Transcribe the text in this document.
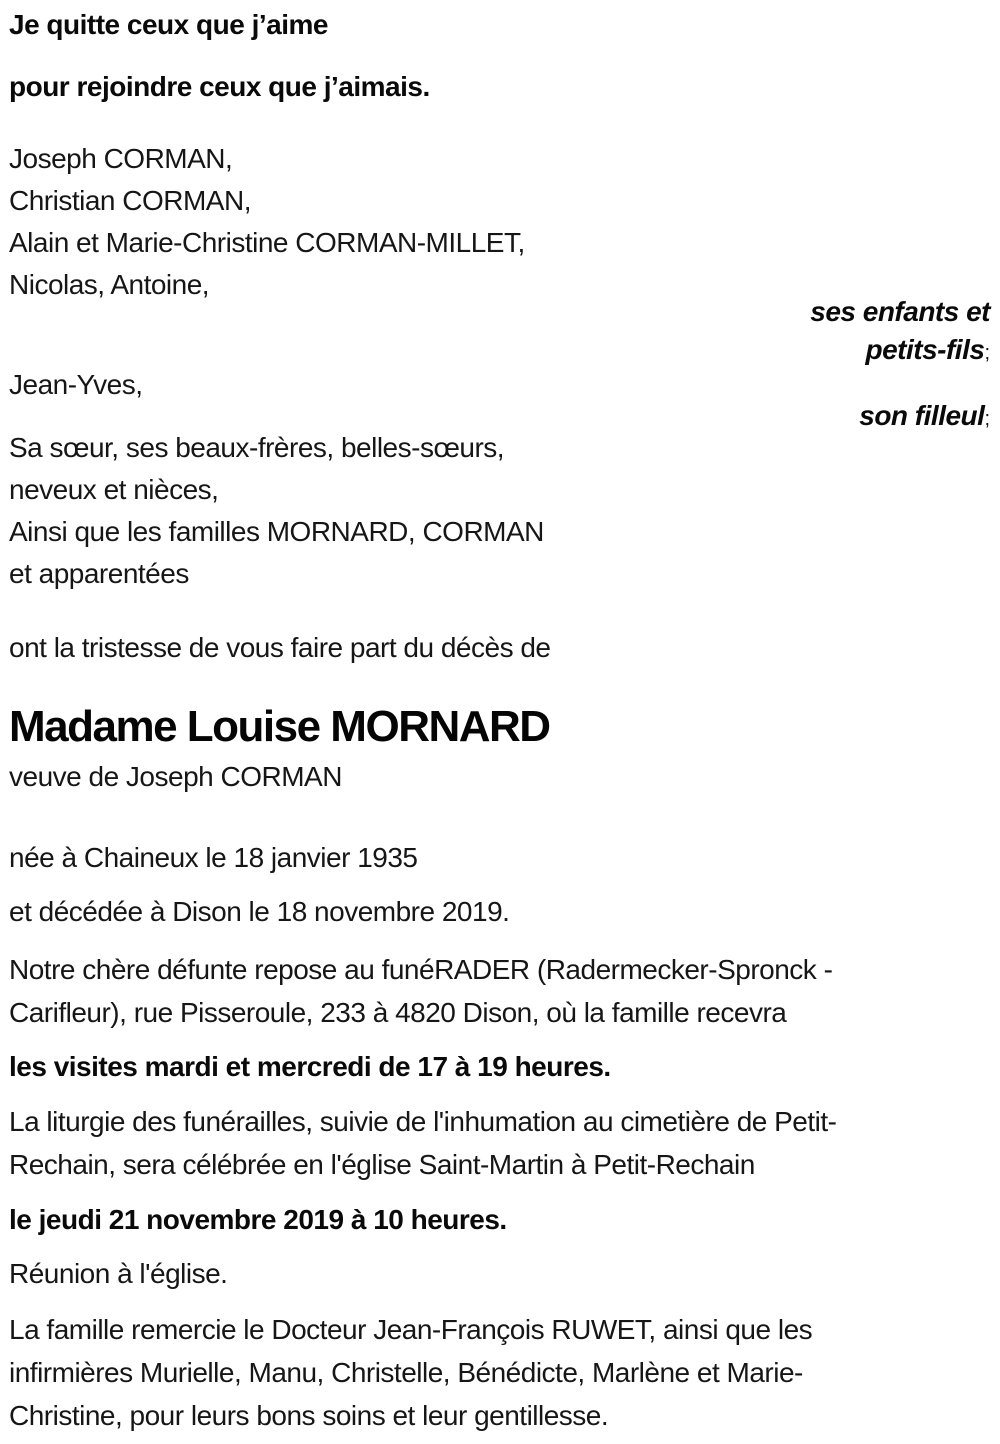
Je quitte ceux que j’aime
pour rejoindre ceux que j’aimais.
Joseph CORMAN,
Christian CORMAN,
Alain et Marie-Christine CORMAN-MILLET,
Nicolas, Antoine,
ses enfants et
petits-fils;
Jean-Yves,
son filleul;
Sa sœur, ses beaux-frères, belles-sœurs,
neveux et nièces,
Ainsi que les familles MORNARD, CORMAN
et apparentées
ont la tristesse de vous faire part du décès de
Madame Louise MORNARD
veuve de Joseph CORMAN
née à Chaineux le 18 janvier 1935
et décédée à Dison le 18 novembre 2019.
Notre chère défunte repose au funéRADER (Radermecker-Spronck -
Carifleur), rue Pisseroule, 233 à 4820 Dison, où la famille recevra
les visites mardi et mercredi de 17 à 19 heures.
La liturgie des funérailles, suivie de l'inhumation au cimetière de Petit-
Rechain, sera célébrée en l'église Saint-Martin à Petit-Rechain
le jeudi 21 novembre 2019 à 10 heures.
Réunion à l'église.
La famille remercie le Docteur Jean-François RUWET, ainsi que les
infirmières Murielle, Manu, Christelle, Bénédicte, Marlène et Marie-
Christine, pour leurs bons soins et leur gentillesse.
